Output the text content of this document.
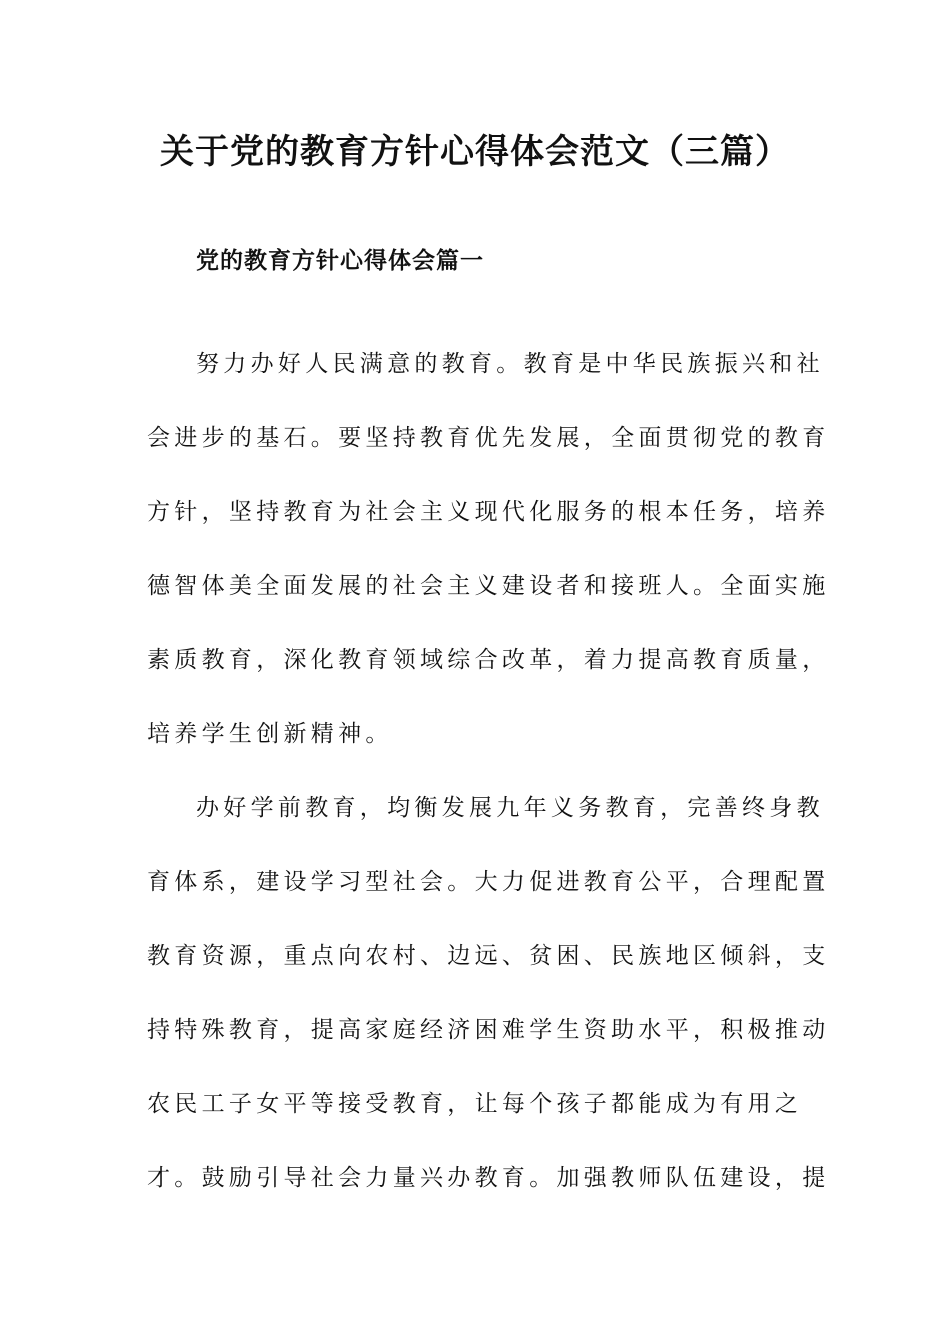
关于党的教育方针心得体会范文（三篇）
党的教育方针心得体会篇一
努力办好人民满意的教育。教育是中华民族振兴和社
会进步的基石。要坚持教育优先发展，全面贯彻党的教育
方针，坚持教育为社会主义现代化服务的根本任务，培养
德智体美全面发展的社会主义建设者和接班人。全面实施
素质教育，深化教育领域综合改革，着力提高教育质量，
培养学生创新精神。
办好学前教育，均衡发展九年义务教育，完善终身教
育体系，建设学习型社会。大力促进教育公平，合理配置
教育资源，重点向农村、边远、贫困、民族地区倾斜，支
持特殊教育，提高家庭经济困难学生资助水平，积极推动
农民工子女平等接受教育，让每个孩子都能成为有用之
才。鼓励引导社会力量兴办教育。加强教师队伍建设，提
